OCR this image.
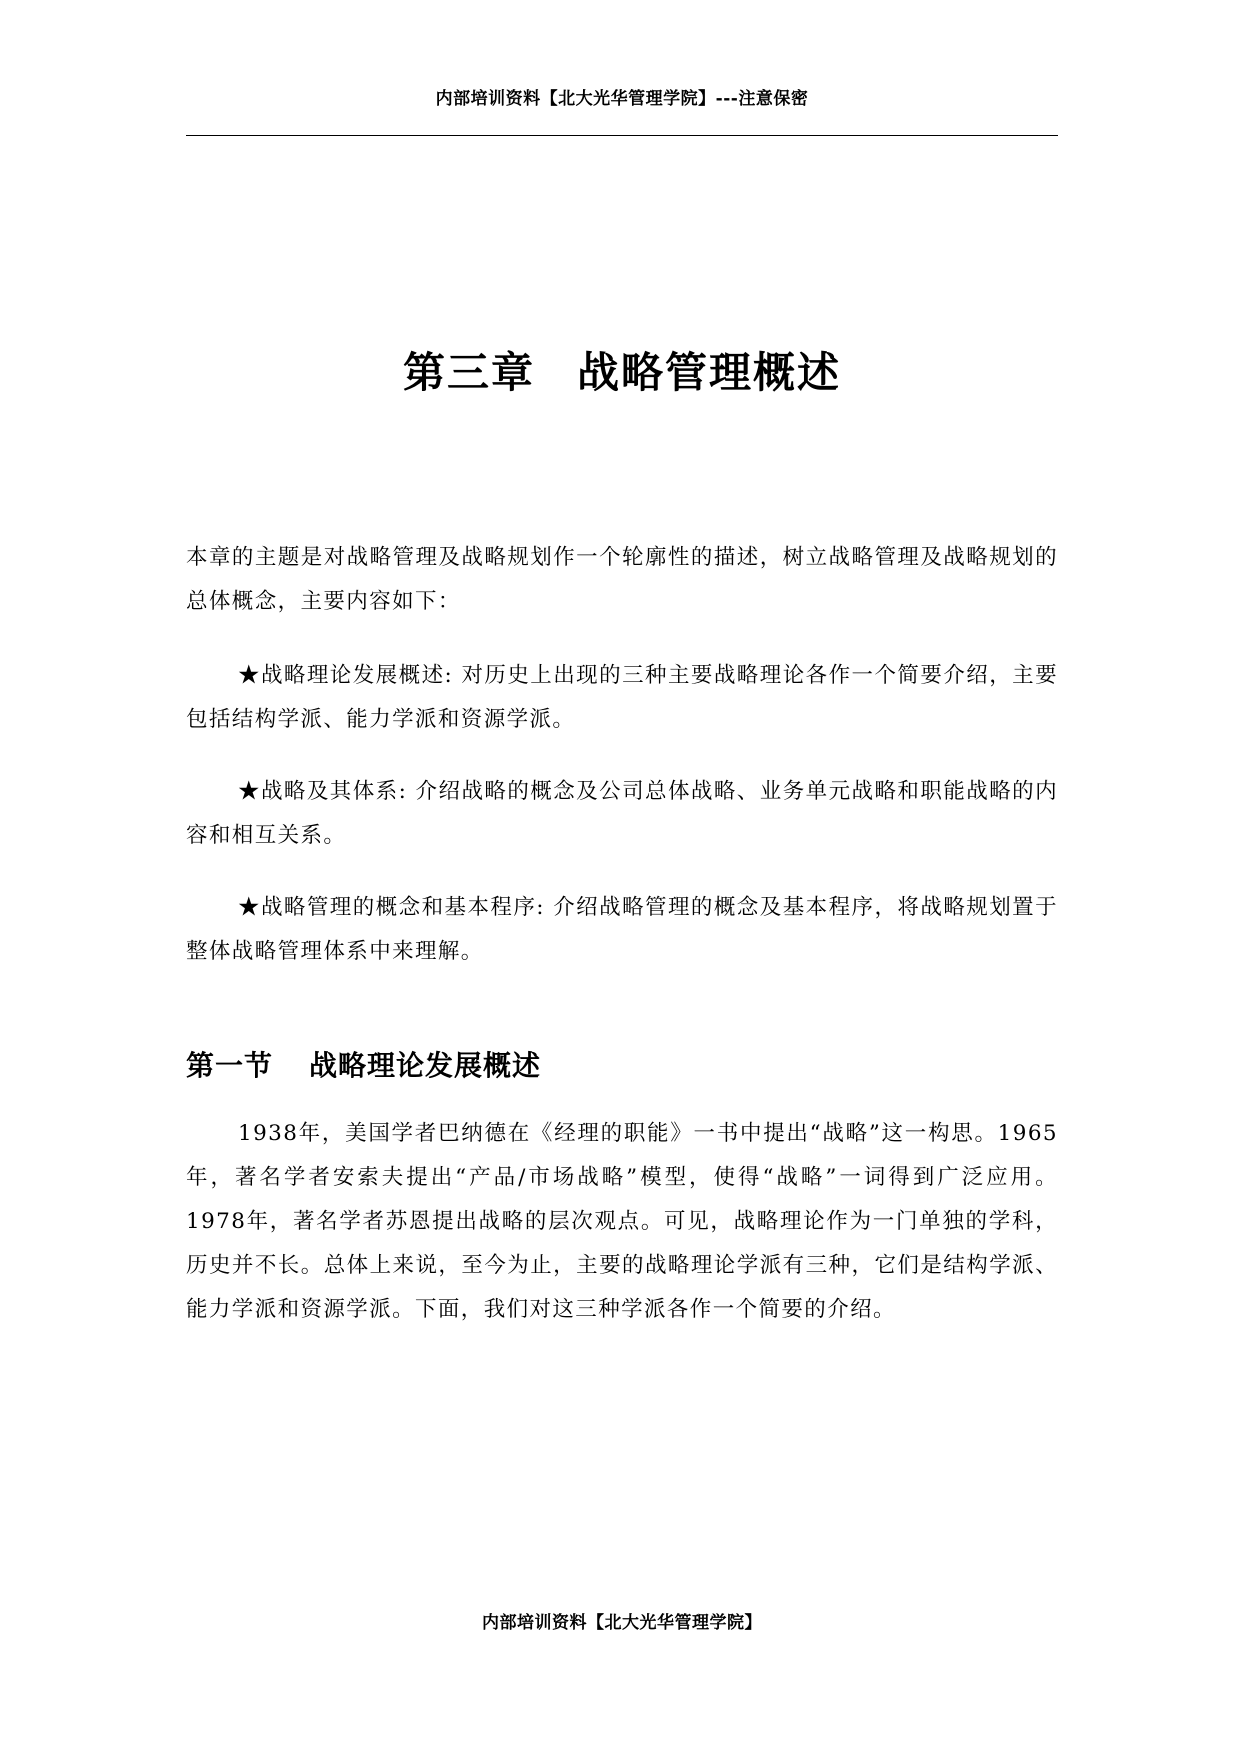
内部培训资料【北大光华管理学院】---注意保密
第三章 战略管理概述

本章的主题是对战略管理及战略规划作一个轮廓性的描述，树立战略管理及战略规划的总体概念，主要内容如下：

★战略理论发展概述: 对历史上出现的三种主要战略理论各作一个简要介绍，主要包括结构学派、能力学派和资源学派。

★战略及其体系: 介绍战略的概念及公司总体战略、业务单元战略和职能战略的内容和相互关系。

★战略管理的概念和基本程序: 介绍战略管理的概念及基本程序，将战略规划置于整体战略管理体系中来理解。

第一节 战略理论发展概述

1938年，美国学者巴纳德在《经理的职能》一书中提出“战略”这一构思。1965年，著名学者安索夫提出“产品/市场战略”模型，使得“战略”一词得到广泛应用。1978年，著名学者苏恩提出战略的层次观点。可见，战略理论作为一门单独的学科，历史并不长。总体上来说，至今为止，主要的战略理论学派有三种，它们是结构学派、能力学派和资源学派。下面，我们对这三种学派各作一个简要的介绍。

内部培训资料【北大光华管理学院】
